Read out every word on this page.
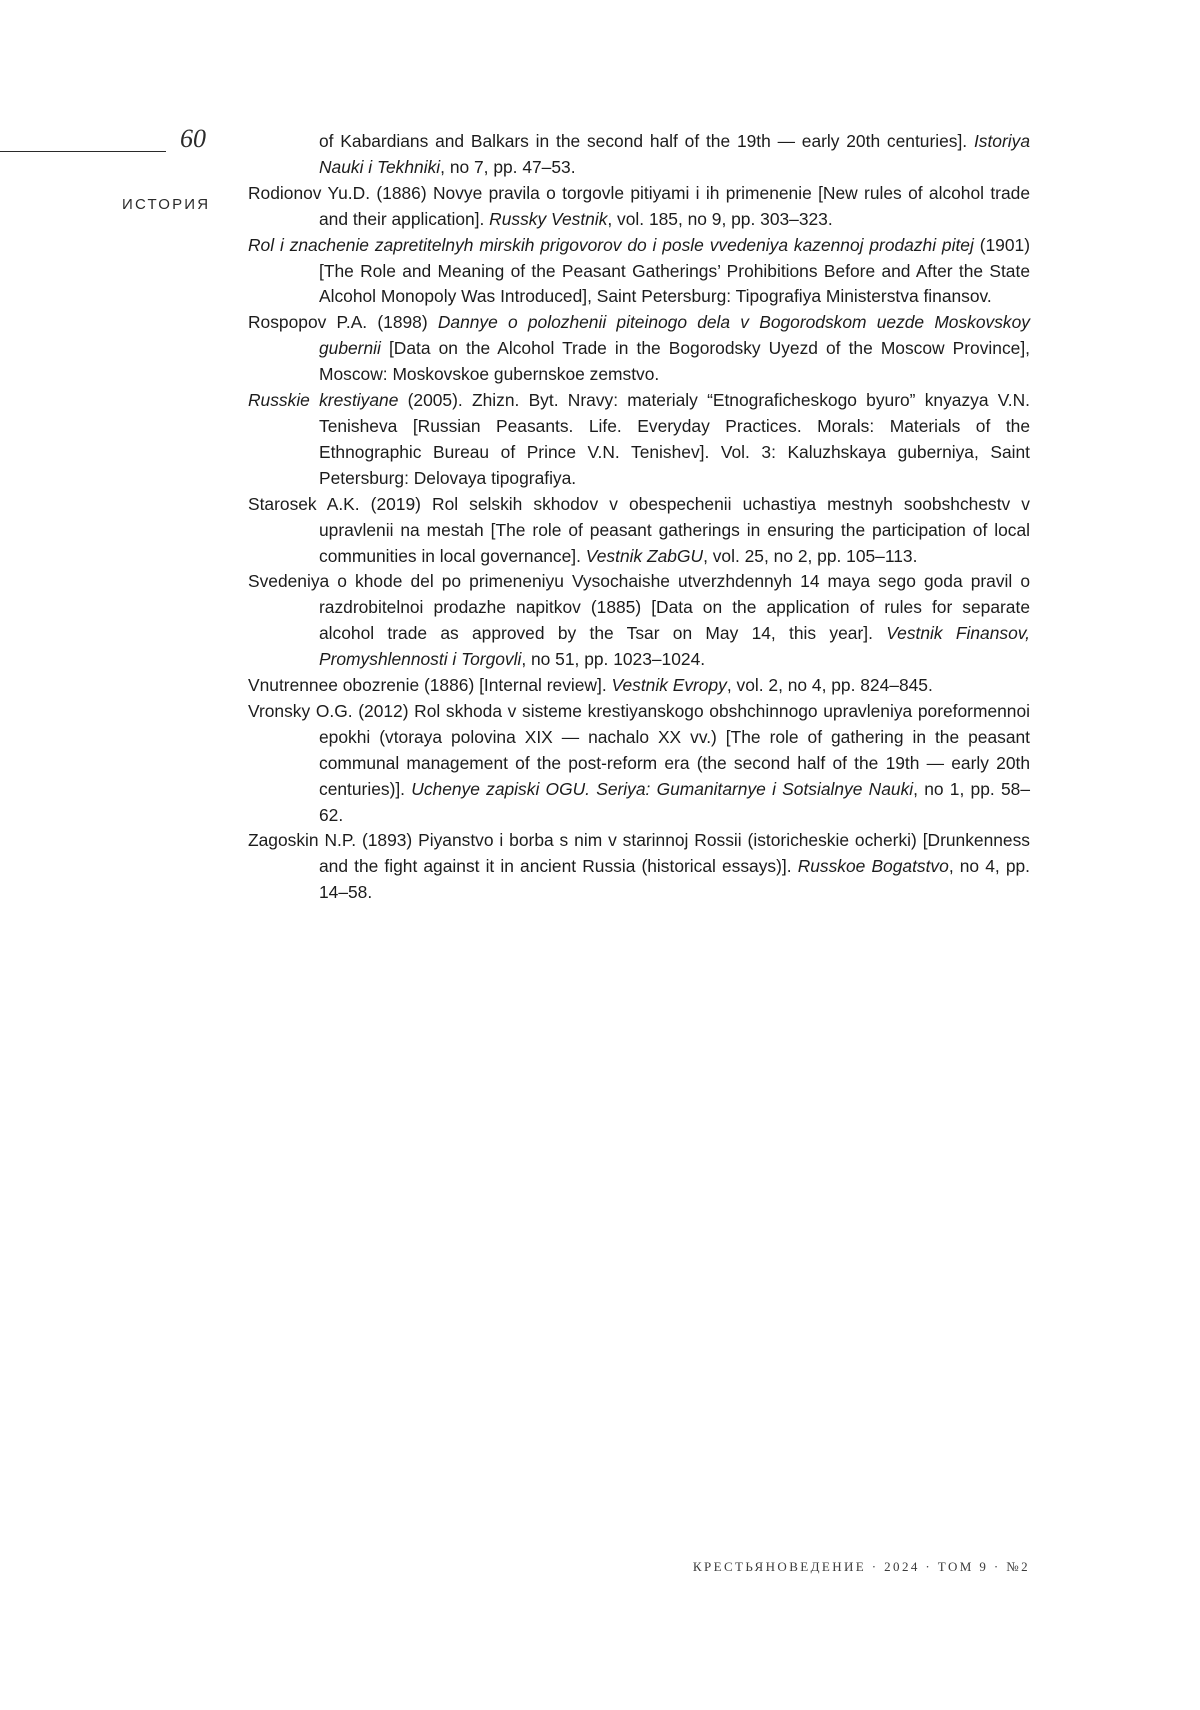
60
ИСТОРИЯ

of Kabardians and Balkars in the second half of the 19th — early 20th centuries]. Istoriya Nauki i Tekhniki, no 7, pp. 47–53.

Rodionov Yu.D. (1886) Novye pravila o torgovle pitiyami i ih primenenie [New rules of alcohol trade and their application]. Russky Vestnik, vol. 185, no 9, pp. 303–323.

Rol i znachenie zapretitelnyh mirskih prigovorov do i posle vvedeniya kazennoj prodazhi pitej (1901) [The Role and Meaning of the Peasant Gatherings’ Prohibitions Before and After the State Alcohol Monopoly Was Introduced], Saint Petersburg: Tipografiya Ministerstva finansov.

Rospopov P.A. (1898) Dannye o polozhenii piteinogo dela v Bogorodskom uezde Moskovskoy gubernii [Data on the Alcohol Trade in the Bogorodsky Uyezd of the Moscow Province], Moscow: Moskovskoe gubernskoe zemstvo.

Russkie krestiyane (2005). Zhizn. Byt. Nravy: materialy “Etnograficheskogo byuro” knyazya V.N. Tenisheva [Russian Peasants. Life. Everyday Practices. Morals: Materials of the Ethnographic Bureau of Prince V.N. Tenishev]. Vol. 3: Kaluzhskaya guberniya, Saint Petersburg: Delovaya tipografiya.

Starosek A.K. (2019) Rol selskih skhodov v obespechenii uchastiya mestnyh soobshchestv v upravlenii na mestah [The role of peasant gatherings in ensuring the participation of local communities in local governance]. Vestnik ZabGU, vol. 25, no 2, pp. 105–113.

Svedeniya o khode del po primeneniyu Vysochaishe utverzhdennyh 14 maya sego goda pravil o razdrobitelnoi prodazhe napitkov (1885) [Data on the application of rules for separate alcohol trade as approved by the Tsar on May 14, this year]. Vestnik Finansov, Promyshlennosti i Torgovli, no 51, pp. 1023–1024.

Vnutrennee obozrenie (1886) [Internal review]. Vestnik Evropy, vol. 2, no 4, pp. 824–845.

Vronsky O.G. (2012) Rol skhoda v sisteme krestiyanskogo obshchinnogo upravleniya poreformennoi epokhi (vtoraya polovina XIX — nachalo XX vv.) [The role of gathering in the peasant communal management of the post-reform era (the second half of the 19th — early 20th centuries)]. Uchenye zapiski OGU. Seriya: Gumanitarnye i Sotsialnye Nauki, no 1, pp. 58–62.

Zagoskin N.P. (1893) Piyanstvo i borba s nim v starinnoj Rossii (istoricheskie ocherki) [Drunkenness and the fight against it in ancient Russia (historical essays)]. Russkoe Bogatstvo, no 4, pp. 14–58.

КРЕСТЬЯНОВЕДЕНИЕ · 2024 · ТОМ 9 · №2
